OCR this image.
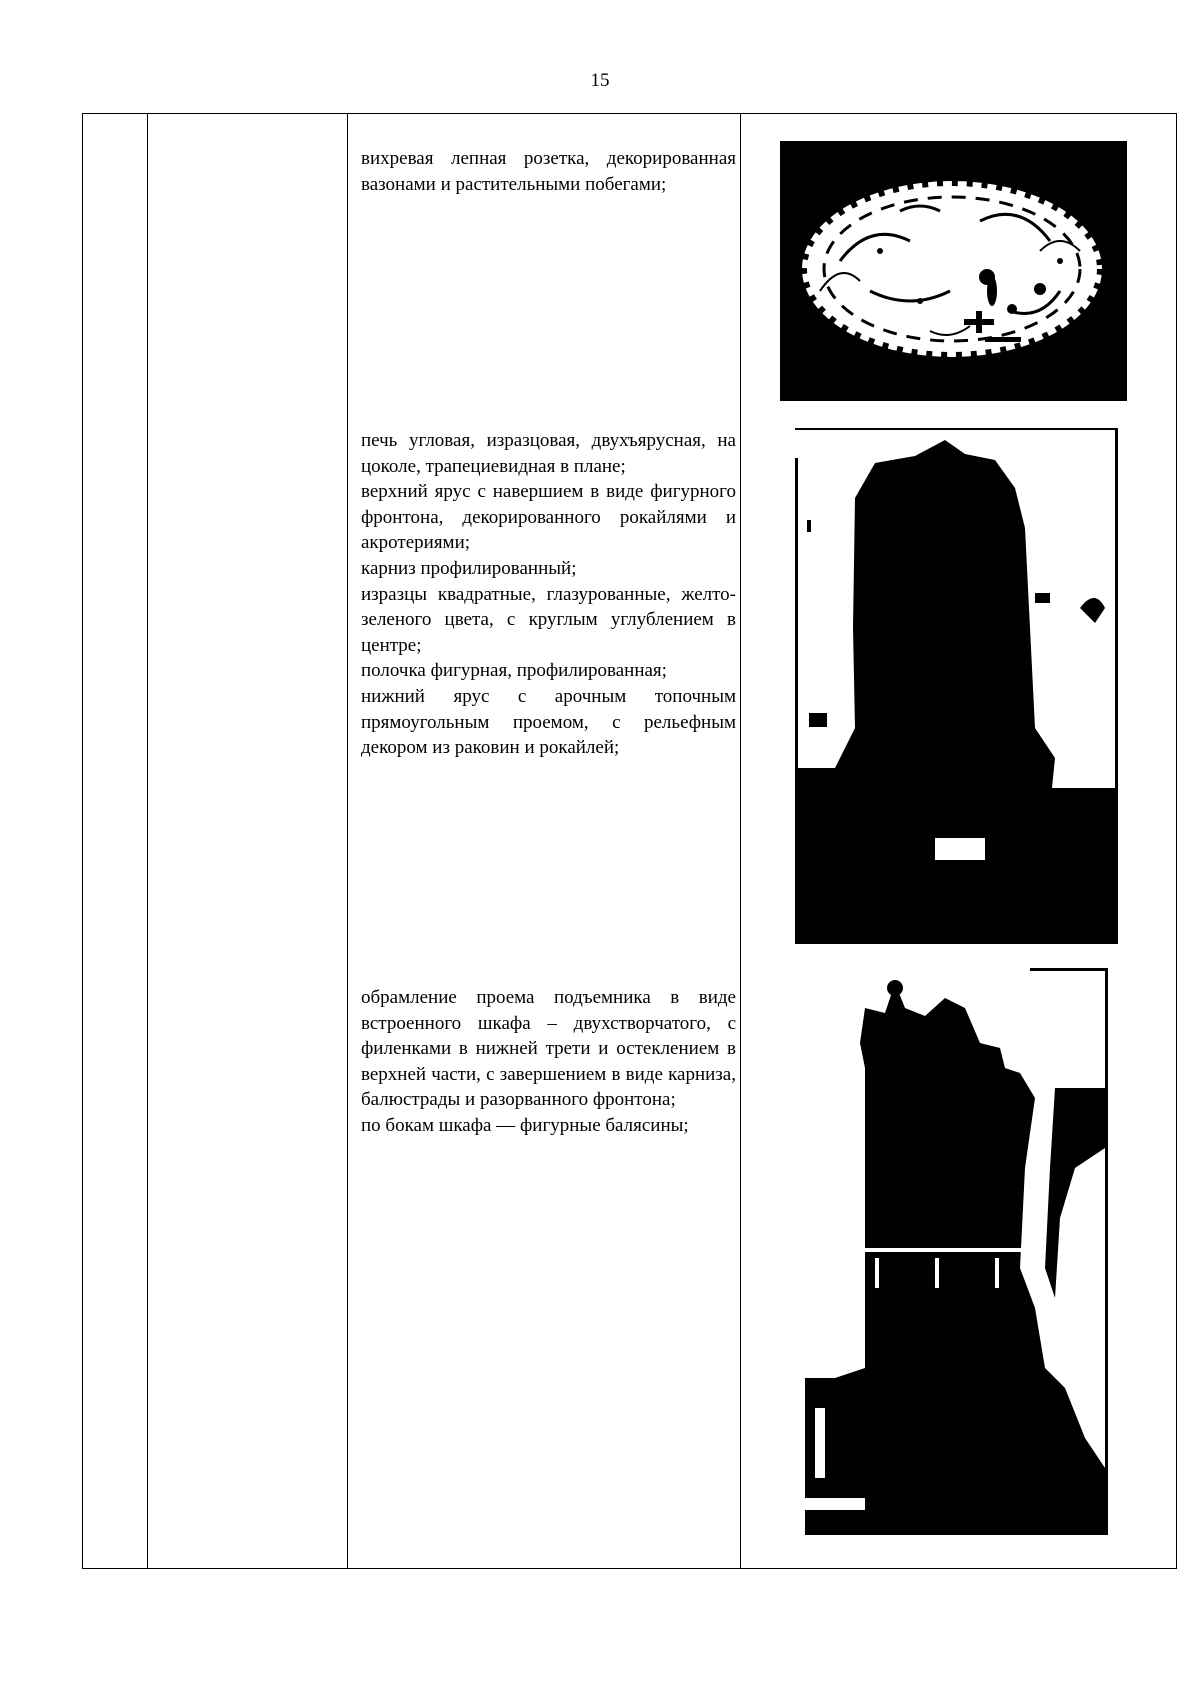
15

вихревая лепная розетка, декорированная вазонами и растительными побегами;

печь угловая, изразцовая, двухъярусная, на цоколе, трапециевидная в плане;

верхний ярус с навершием в виде фигурного фронтона, декорированного рокайлями и акротериями;

карниз профилированный;

изразцы квадратные, глазурованные, желто-зеленого цвета, с круглым углублением в центре;

полочка фигурная, профилированная;

нижний ярус с арочным топочным прямоугольным проемом, с рельефным декором из раковин и рокайлей;

обрамление проема подъемника в виде встроенного шкафа – двухстворчатого, с филенками в нижней трети и остеклением в верхней части, с завершением в виде карниза, балюстрады и разорванного фронтона;

по бокам шкафа — фигурные балясины;
